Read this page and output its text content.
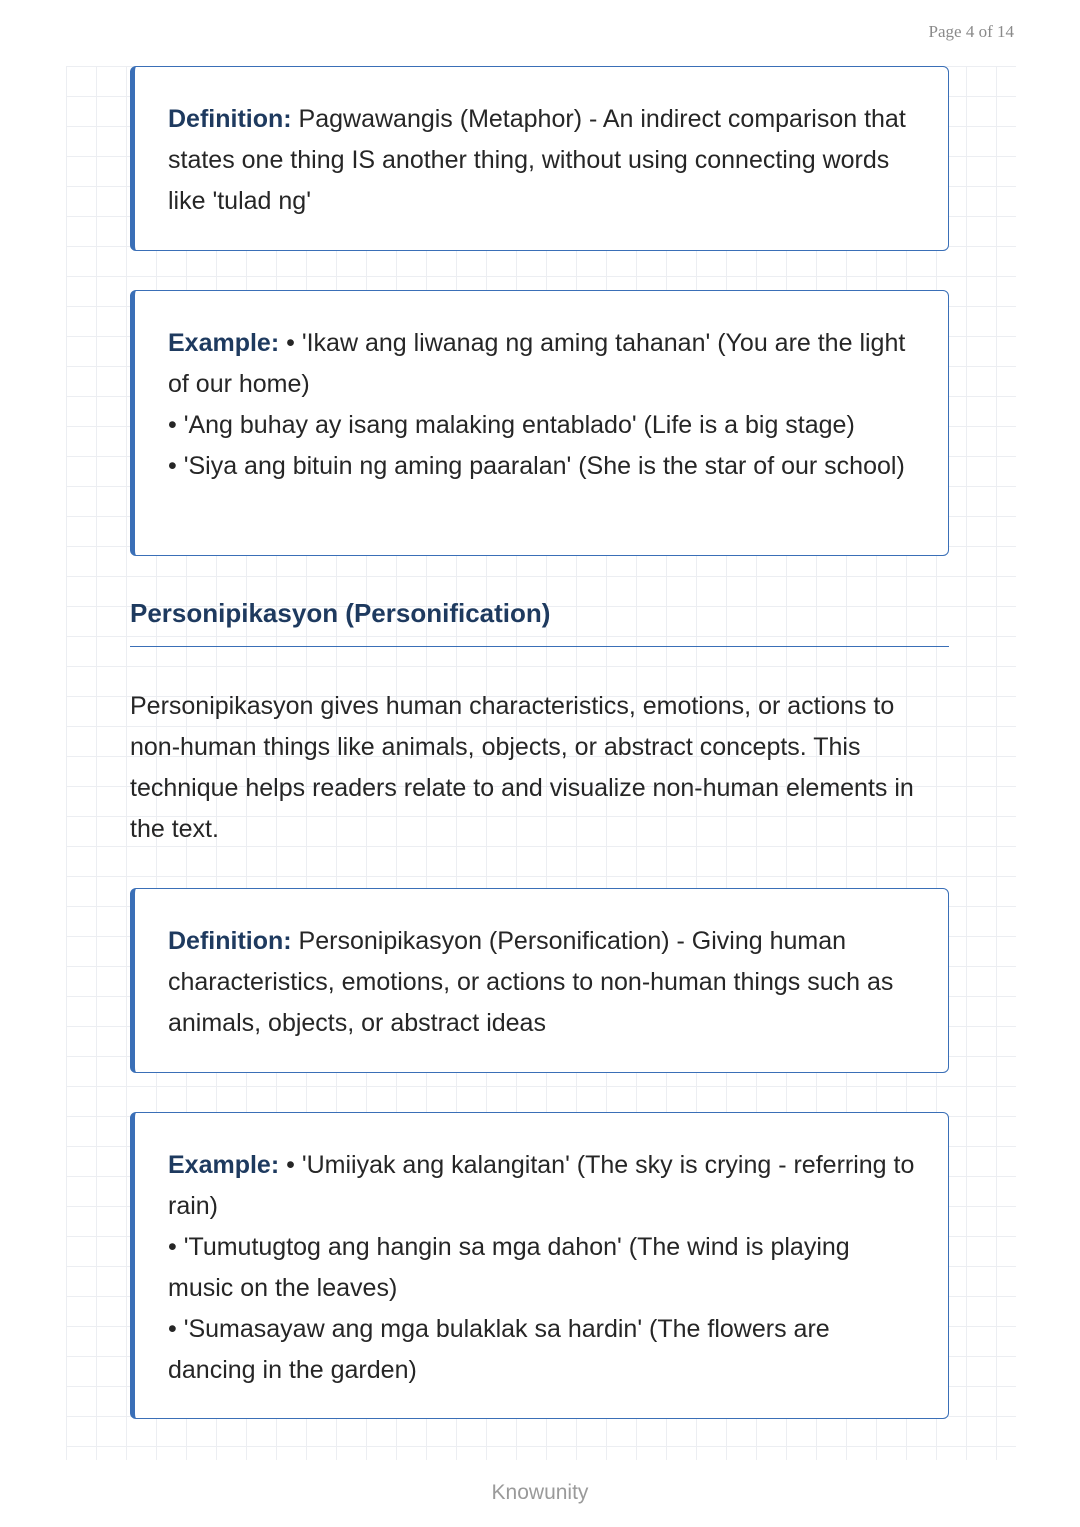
Page 4 of 14
Definition: Pagwawangis (Metaphor) - An indirect comparison that states one thing IS another thing, without using connecting words like 'tulad ng'
Example: • 'Ikaw ang liwanag ng aming tahanan' (You are the light of our home)
• 'Ang buhay ay isang malaking entablado' (Life is a big stage)
• 'Siya ang bituin ng aming paaralan' (She is the star of our school)
Personipikasyon (Personification)

Personipikasyon gives human characteristics, emotions, or actions to non-human things like animals, objects, or abstract concepts. This technique helps readers relate to and visualize non-human elements in the text.

Definition: Personipikasyon (Personification) - Giving human characteristics, emotions, or actions to non-human things such as animals, objects, or abstract ideas
Example: • 'Umiiyak ang kalangitan' (The sky is crying - referring to rain)
• 'Tumutugtog ang hangin sa mga dahon' (The wind is playing music on the leaves)
• 'Sumasayaw ang mga bulaklak sa hardin' (The flowers are dancing in the garden)
Knowunity
